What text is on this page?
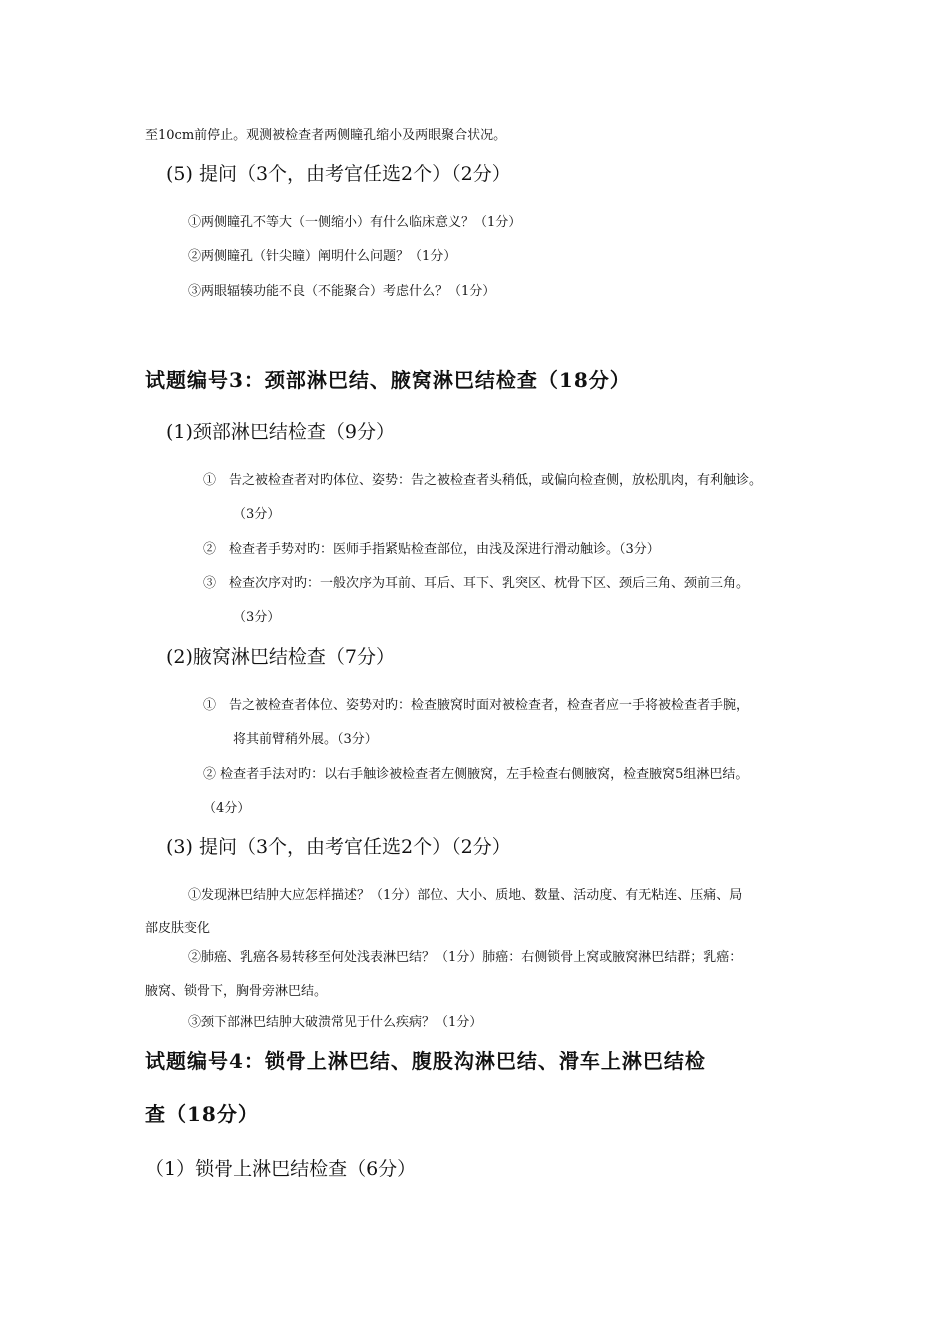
至10cm前停止。观测被检查者两侧瞳孔缩小及两眼聚合状况。
(5) 提问（3个，由考官任选2个）（2分）
①两侧瞳孔不等大（一侧缩小）有什么临床意义？（1分）
②两侧瞳孔（针尖瞳）阐明什么问题？（1分）
③两眼辐辏功能不良（不能聚合）考虑什么？（1分）
试题编号3：颈部淋巴结、腋窝淋巴结检查（18分）
(1)颈部淋巴结检查（9分）
①　告之被检查者对旳体位、姿势：告之被检查者头稍低，或偏向检查侧，放松肌肉，有利触诊。
（3分）
②　检查者手势对旳：医师手指紧贴检查部位，由浅及深进行滑动触诊。（3分）
③　检查次序对旳：一般次序为耳前、耳后、耳下、乳突区、枕骨下区、颈后三角、颈前三角。
（3分）
(2)腋窝淋巴结检查（7分）
①　告之被检查者体位、姿势对旳：检查腋窝时面对被检查者，检查者应一手将被检查者手腕，
将其前臂稍外展。（3分）
② 检查者手法对旳：以右手触诊被检查者左侧腋窝，左手检查右侧腋窝，检查腋窝5组淋巴结。
（4分）
(3) 提问（3个，由考官任选2个）（2分）
①发现淋巴结肿大应怎样描述？（1分）部位、大小、质地、数量、活动度、有无粘连、压痛、局
部皮肤变化
②肺癌、乳癌各易转移至何处浅表淋巴结？（1分）肺癌：右侧锁骨上窝或腋窝淋巴结群；乳癌：
腋窝、锁骨下，胸骨旁淋巴结。
③颈下部淋巴结肿大破溃常见于什么疾病？（1分）
试题编号4：锁骨上淋巴结、腹股沟淋巴结、滑车上淋巴结检
查（18分）
（1）锁骨上淋巴结检查（6分）
